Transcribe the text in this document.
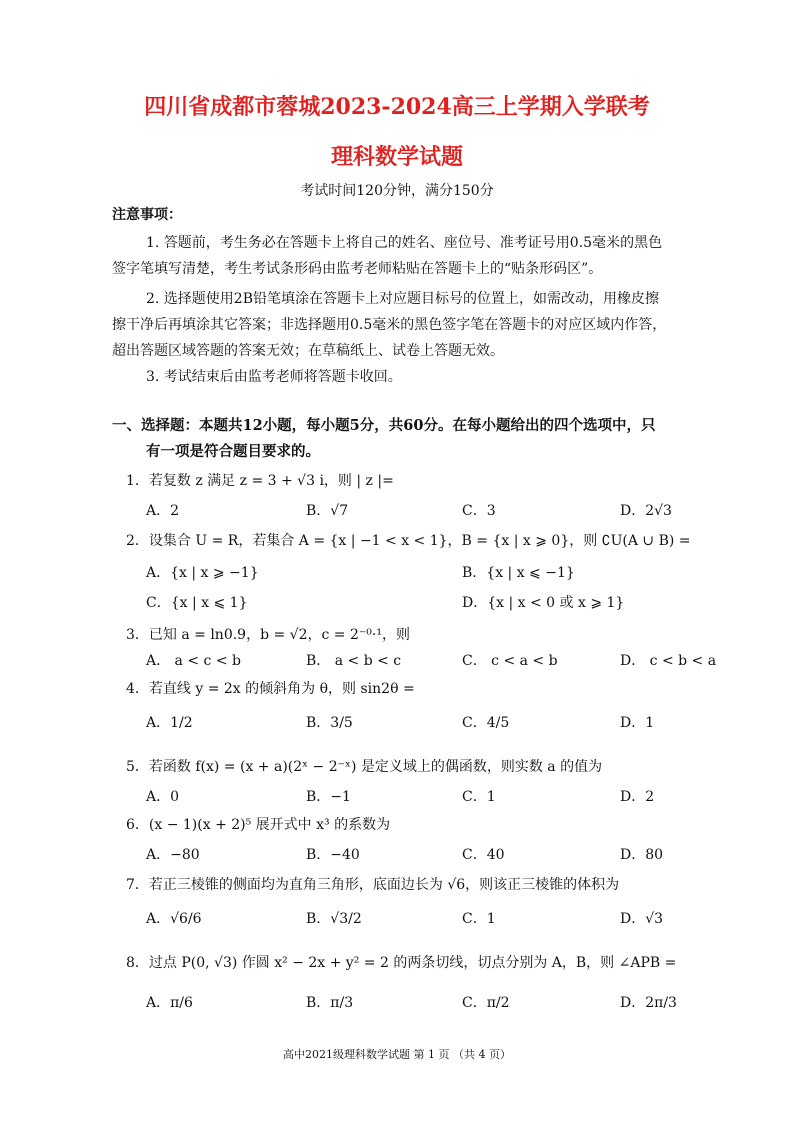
四川省成都市蓉城2023-2024高三上学期入学联考
理科数学试题
考试时间120分钟，满分150分
注意事项：
1. 答题前，考生务必在答题卡上将自己的姓名、座位号、准考证号用0.5毫米的黑色
签字笔填写清楚，考生考试条形码由监考老师粘贴在答题卡上的“贴条形码区”。
2. 选择题使用2B铅笔填涂在答题卡上对应题目标号的位置上，如需改动，用橡皮擦
擦干净后再填涂其它答案；非选择题用0.5毫米的黑色签字笔在答题卡的对应区域内作答，
超出答题区域答题的答案无效；在草稿纸上、试卷上答题无效。
3. 考试结束后由监考老师将答题卡收回。
一、选择题：本题共12小题，每小题5分，共60分。在每小题给出的四个选项中，只
有一项是符合题目要求的。
1．若复数 z 满足 z = 3 + √3 i，则 | z |=
A．2	B．√7	C．3	D．2√3
2．设集合 U = R，若集合 A = {x | −1 < x < 1}，B = {x | x ⩾ 0}，则 ∁U(A ∪ B) =
A．{x | x ⩾ −1}	B．{x | x ⩽ −1}
C．{x | x ⩽ 1}	D．{x | x < 0 或 x ⩾ 1}
3．已知 a = ln0.9，b = √2，c = 2⁻⁰·¹，则
A． a < c < b	B． a < b < c	C． c < a < b	D． c < b < a
4．若直线 y = 2x 的倾斜角为 θ，则 sin2θ =
A．1/2	B．3/5	C．4/5	D．1
5．若函数 f(x) = (x + a)(2ˣ − 2⁻ˣ) 是定义域上的偶函数，则实数 a 的值为
A．0	B．−1	C．1	D．2
6．(x − 1)(x + 2)⁵ 展开式中 x³ 的系数为
A．−80	B．−40	C．40	D．80
7．若正三棱锥的侧面均为直角三角形，底面边长为 √6，则该正三棱锥的体积为
A．√6/6	B．√3/2	C．1	D．√3
8．过点 P(0, √3) 作圆 x² − 2x + y² = 2 的两条切线，切点分别为 A，B，则 ∠APB =
A．π/6	B．π/3	C．π/2	D．2π/3
高中2021级理科数学试题 第 1 页 （共 4 页）
